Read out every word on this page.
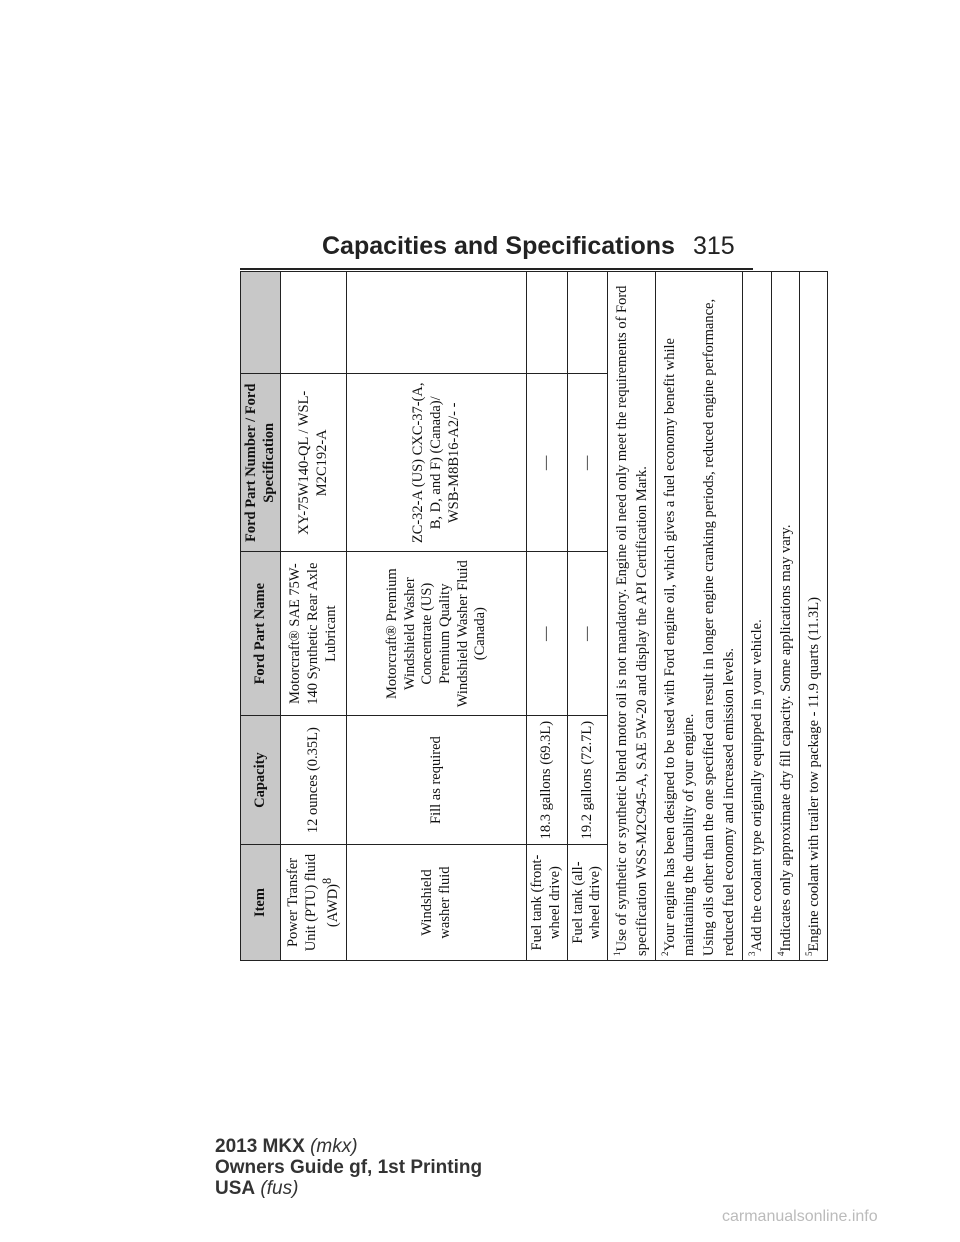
Capacities and Specifications 315
Item	Capacity	Ford Part Name	Ford Part Number / Ford Specification	
Power Transfer Unit (PTU) fluid (AWD)$^8$	12 ounces (0.35L)	Motorcraft® SAE 75W-140 Synthetic Rear Axle Lubricant	XY-75W140-QL / WSL-M2C192-A	
Windshield washer fluid	Fill as required	Motorcraft® Premium Windshield Washer Concentrate (US) Premium Quality Windshield Washer Fluid (Canada)	ZC-32-A (US) CXC-37-(A, B, D, and F) (Canada)/ WSB-M8B16-A2/- -	
Fuel tank (front-wheel drive)	18.3 gallons (69.3L)	—	—	
Fuel tank (all-wheel drive)	19.2 gallons (72.7L)	—	—	
$^1$Use of synthetic or synthetic blend motor oil is not mandatory. Engine oil need only meet the requirements of Ford specification WSS-M2C945-A, SAE 5W-20 and display the API Certification Mark.				
$^2$Your engine has been designed to be used with Ford engine oil, which gives a fuel economy benefit while maintaining the durability of your engine. Using oils other than the one specified can result in longer engine cranking periods, reduced engine performance, reduced fuel economy and increased emission levels.				
$^3$Add the coolant type originally equipped in your vehicle.				
$^4$Indicates only approximate dry fill capacity. Some applications may vary.				
$^5$Engine coolant with trailer tow package - 11.9 quarts (11.3L)				
2013 MKX (mkx)
Owners Guide gf, 1st Printing
USA (fus)
carmanualsonline.info
